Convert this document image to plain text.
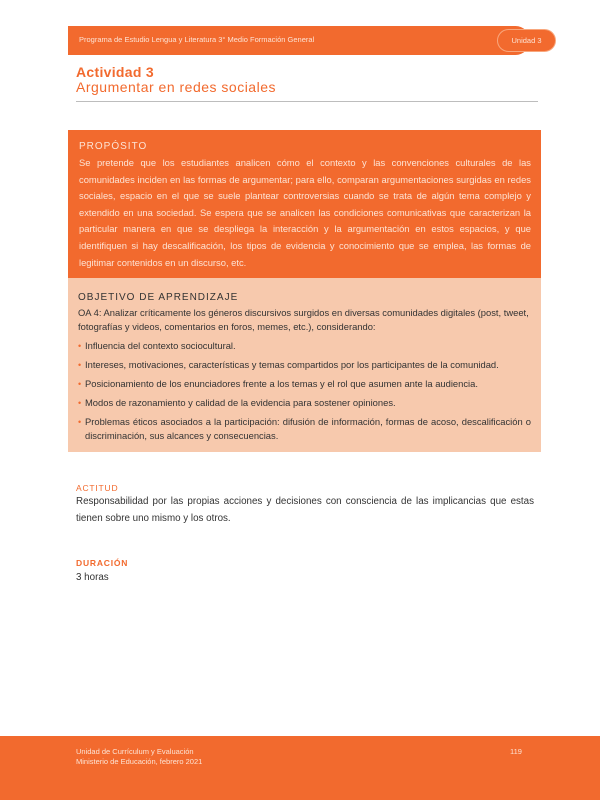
Programa de Estudio Lengua y Literatura 3° Medio Formación General	Unidad 3
Actividad 3
Argumentar en redes sociales
PROPÓSITO

Se pretende que los estudiantes analicen cómo el contexto y las convenciones culturales de las comunidades inciden en las formas de argumentar; para ello, comparan argumentaciones surgidas en redes sociales, espacio en el que se suele plantear controversias cuando se trata de algún tema complejo y extendido en una sociedad. Se espera que se analicen las condiciones comunicativas que caracterizan la particular manera en que se despliega la interacción y la argumentación en estos espacios, y que identifiquen si hay descalificación, los tipos de evidencia y conocimiento que se emplea, las formas de legitimar contenidos en un discurso, etc.

OBJETIVO DE APRENDIZAJE

OA 4: Analizar críticamente los géneros discursivos surgidos en diversas comunidades digitales (post, tweet, fotografías y videos, comentarios en foros, memes, etc.), considerando:

• Influencia del contexto sociocultural.
• Intereses, motivaciones, características y temas compartidos por los participantes de la comunidad.
• Posicionamiento de los enunciadores frente a los temas y el rol que asumen ante la audiencia.
• Modos de razonamiento y calidad de la evidencia para sostener opiniones.
• Problemas éticos asociados a la participación: difusión de información, formas de acoso, descalificación o discriminación, sus alcances y consecuencias.
ACTITUD
Responsabilidad por las propias acciones y decisiones con consciencia de las implicancias que estas tienen sobre uno mismo y los otros.
DURACIÓN
3 horas
Unidad de Currículum y Evaluación
Ministerio de Educación, febrero 2021
119
